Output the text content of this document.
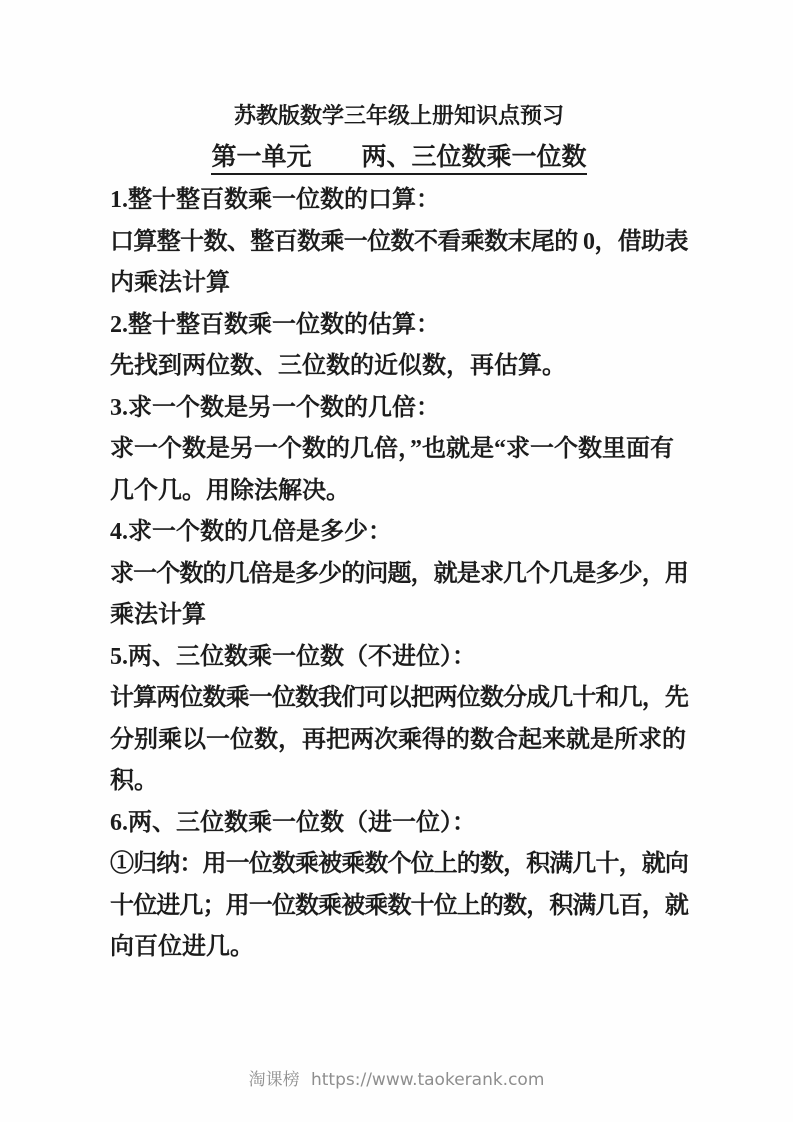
苏教版数学三年级上册知识点预习
第一单元　　两、三位数乘一位数
1.整十整百数乘一位数的口算：
口算整十数、整百数乘一位数不看乘数末尾的 0，借助表
内乘法计算
2.整十整百数乘一位数的估算：
先找到两位数、三位数的近似数，再估算。
3.求一个数是另一个数的几倍：
求一个数是另一个数的几倍，”也就是“求一个数里面有
几个几。用除法解决。
4.求一个数的几倍是多少：
求一个数的几倍是多少的问题，就是求几个几是多少，用
乘法计算
5.两、三位数乘一位数（不进位）：
计算两位数乘一位数我们可以把两位数分成几十和几，先
分别乘以一位数，再把两次乘得的数合起来就是所求的
积。
6.两、三位数乘一位数（进一位）：
①归纳：用一位数乘被乘数个位上的数，积满几十，就向
十位进几；用一位数乘被乘数十位上的数，积满几百，就
向百位进几。
淘课榜 https://www.taokerank.com
